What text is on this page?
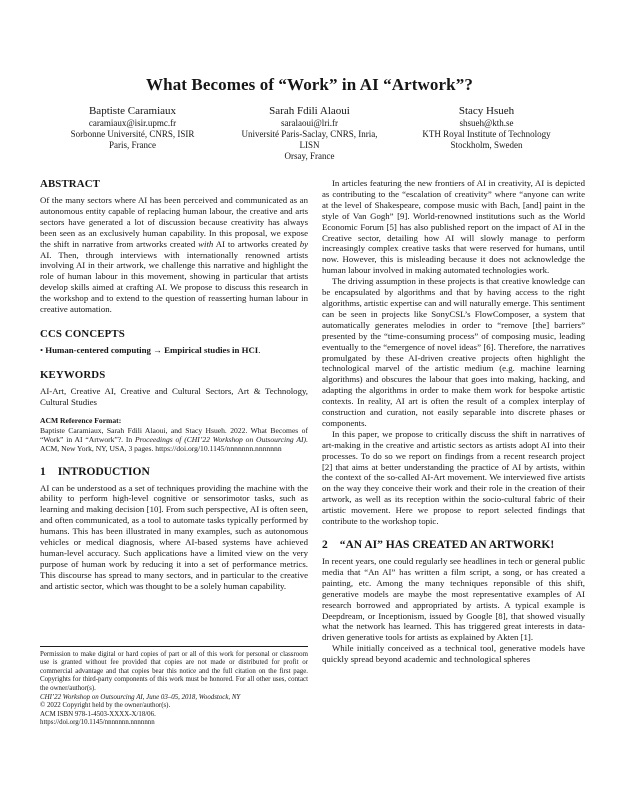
What Becomes of “Work” in AI “Artwork”?
Baptiste Caramiaux
caramiaux@isir.upmc.fr
Sorbonne Université, CNRS, ISIR
Paris, France
Sarah Fdili Alaoui
saralaoui@lri.fr
Université Paris-Saclay, CNRS, Inria,
LISN
Orsay, France
Stacy Hsueh
shsueh@kth.se
KTH Royal Institute of Technology
Stockholm, Sweden
ABSTRACT

Of the many sectors where AI has been perceived and communicated as an autonomous entity capable of replacing human labour, the creative and arts sectors have generated a lot of discussion because creativity has always been seen as an exclusively human capability. In this proposal, we expose the shift in narrative from artworks created with AI to artworks created by AI. Then, through interviews with internationally renowned artists involving AI in their artwork, we challenge this narrative and highlight the role of human labour in this movement, showing in particular that artists develop skills aimed at crafting AI. We propose to discuss this research in the workshop and to extend to the question of reasserting human labour in creative automation.

CCS CONCEPTS

• Human-centered computing → Empirical studies in HCI.

KEYWORDS

AI-Art, Creative AI, Creative and Cultural Sectors, Art & Technology, Cultural Studies

ACM Reference Format:

Baptiste Caramiaux, Sarah Fdili Alaoui, and Stacy Hsueh. 2022. What Becomes of “Work” in AI “Artwork”?. In Proceedings of (CHI’22 Workshop on Outsourcing AI). ACM, New York, NY, USA, 3 pages. https://doi.org/10.1145/nnnnnnn.nnnnnnn

1 INTRODUCTION

AI can be understood as a set of techniques providing the machine with the ability to perform high-level cognitive or sensorimotor tasks, such as learning and making decision [10]. From such perspective, AI is often seen, and often communicated, as a tool to automate tasks typically performed by humans. This has been illustrated in many examples, such as autonomous vehicles or medical diagnosis, where AI-based systems have achieved human-level accuracy. Such applications have a limited view on the very purpose of human work by reducing it into a set of performance metrics. This discourse has spread to many sectors, and in particular to the creative and artistic sector, which was thought to be a solely human capability.

Permission to make digital or hard copies of part or all of this work for personal or classroom use is granted without fee provided that copies are not made or distributed for profit or commercial advantage and that copies bear this notice and the full citation on the first page. Copyrights for third-party components of this work must be honored. For all other uses, contact the owner/author(s).

CHI’22 Workshop on Outsourcing AI, June 03–05, 2018, Woodstock, NY

© 2022 Copyright held by the owner/author(s).

ACM ISBN 978-1-4503-XXXX-X/18/06.

https://doi.org/10.1145/nnnnnnn.nnnnnnn

In articles featuring the new frontiers of AI in creativity, AI is depicted as contributing to the “escalation of creativity” where “anyone can write at the level of Shakespeare, compose music with Bach, [and] paint in the style of Van Gogh” [9]. World-renowned institutions such as the World Economic Forum [5] has also published report on the impact of AI in the Creative sector, detailing how AI will slowly manage to perform increasingly complex creative tasks that were reserved for humans, until now. However, this is misleading because it does not acknowledge the human labour involved in making automated technologies work.

The driving assumption in these projects is that creative knowledge can be encapsulated by algorithms and that by having access to the right algorithms, artistic expertise can and will naturally emerge. This sentiment can be seen in projects like SonyCSL’s FlowComposer, a system that automatically generates melodies in order to “remove [the] barriers” presented by the “time-consuming process” of composing music, leading eventually to the “emergence of novel ideas” [6]. Therefore, the narratives promulgated by these AI-driven creative projects often highlight the technological marvel of the artistic medium (e.g. machine learning algorithms) and obscures the labour that goes into making, hacking, and adapting the algorithms in order to make them work for bespoke artistic contexts. In reality, AI art is often the result of a complex interplay of construction and curation, not easily separable into discrete phases or components.

In this paper, we propose to critically discuss the shift in narratives of art-making in the creative and artistic sectors as artists adopt AI into their processes. To do so we report on findings from a recent research project [2] that aims at better understanding the practice of AI by artists, within the context of the so-called AI-Art movement. We interviewed five artists on the way they conceive their work and their role in the creation of their artwork, as well as its reception within the socio-cultural fabric of their artistic movement. Here we propose to report selected findings that contribute to the workshop topic.

2 “AN AI” HAS CREATED AN ARTWORK!

In recent years, one could regularly see headlines in tech or general public media that “An AI” has written a film script, a song, or has created a painting, etc. Among the many techniques reponsible of this shift, generative models are maybe the most representative examples of AI research borrowed and appropriated by artists. A typical example is Deepdream, or Inceptionism, issued by Google [8], that showed visually what the network has learned. This has triggered great interests in data-driven generative tools for artists as explained by Akten [1].

While initially conceived as a technical tool, generative models have quickly spread beyond academic and technological spheres
